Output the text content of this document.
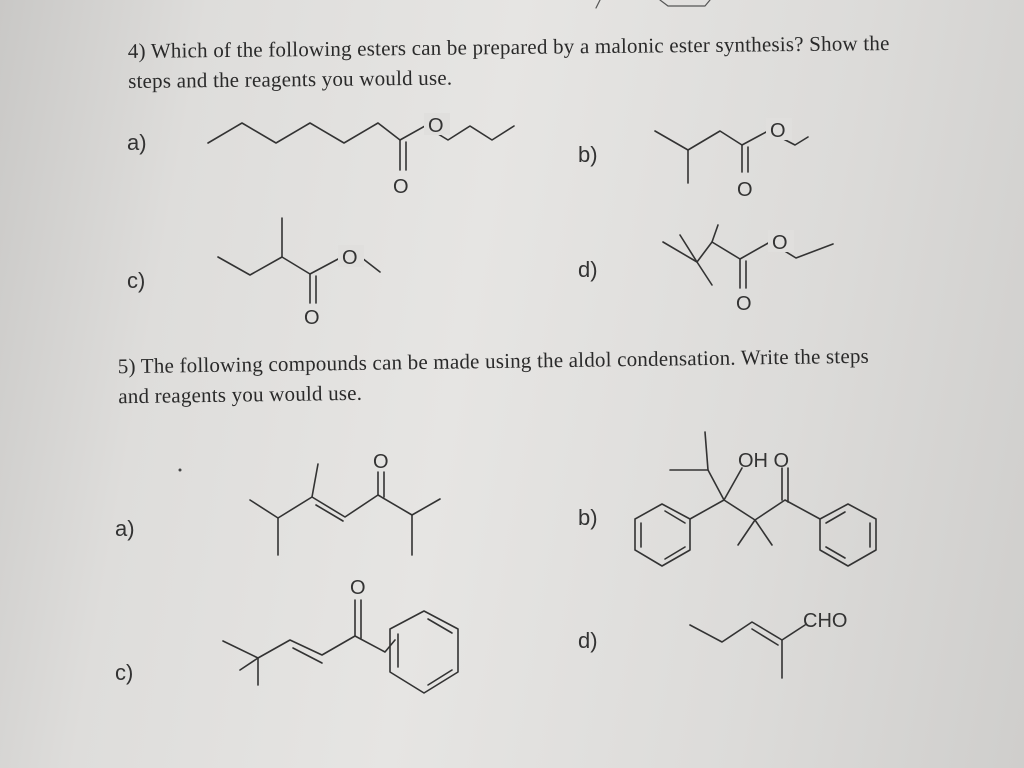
4) Which of the following esters can be prepared by a malonic ester synthesis? Show the
steps and the reagents you would use.
a)	b)
c)	d)
5) The following compounds can be made using the aldol condensation. Write the steps
and reagents you would use.
a)	b)
c)
d)
O
O
O
O
O
O
O
O
O	OH O
O
CHO
